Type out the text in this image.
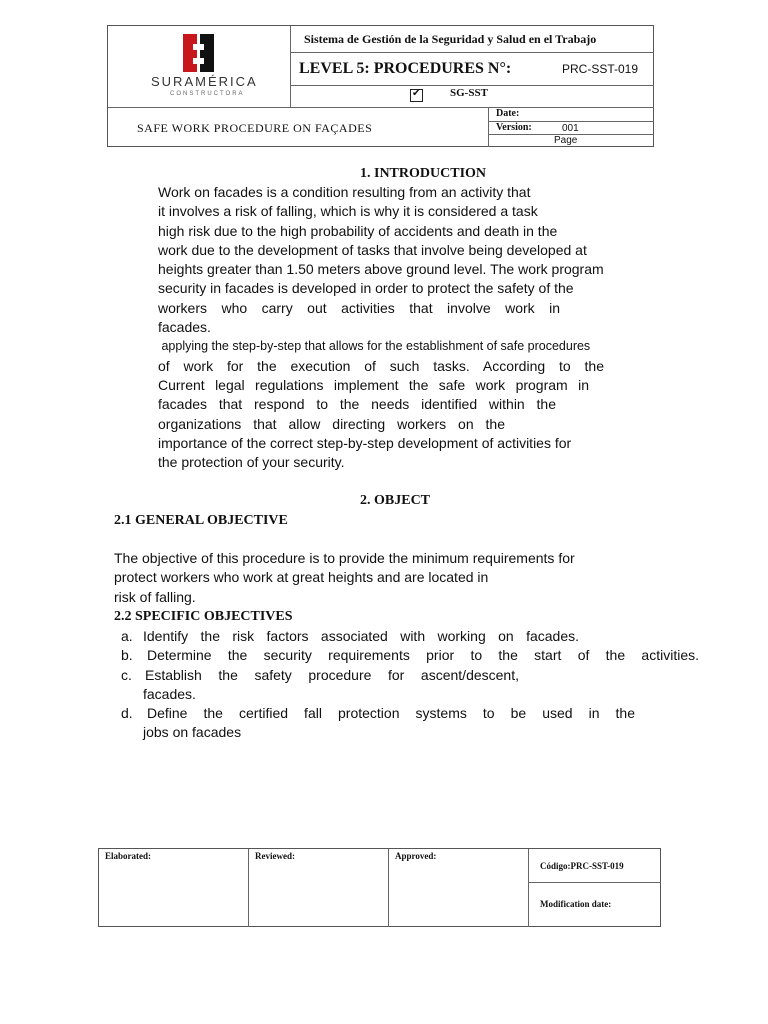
SURAMÉRICA
CONSTRUCTORA
Sistema de Gestión de la Seguridad y Salud en el Trabajo
LEVEL 5: PROCEDURES N°:	PRC-SST-019
✔	SG-SST
SAFE WORK PROCEDURE ON FAÇADES
Date:
Version:	001
Page
1. INTRODUCTION
Work on facades is a condition resulting from an activity that
it involves a risk of falling, which is why it is considered a task
high risk due to the high probability of accidents and death in the
work due to the development of tasks that involve being developed at
heights greater than 1.50 meters above ground level. The work program
security in facades is developed in order to protect the safety of the
workers who carry out activities that involve work in
facades.
applying the step-by-step that allows for the establishment of safe procedures
of work for the execution of such tasks. According to the
Current legal regulations implement the safe work program in
facades that respond to the needs identified within the
organizations that allow directing workers on the
importance of the correct step-by-step development of activities for
the protection of your security.
2. OBJECT
2.1 GENERAL OBJECTIVE
The objective of this procedure is to provide the minimum requirements for
protect workers who work at great heights and are located in
risk of falling.
2.2 SPECIFIC OBJECTIVES
a. Identify the risk factors associated with working on facades.
b. Determine the security requirements prior to the start of the activities.
c. Establish the safety procedure for ascent/descent,
facades.
d. Define the certified fall protection systems to be used in the
jobs on facades
Elaborated:	Reviewed:	Approved:
Código:PRC-SST-019
Modification date:
